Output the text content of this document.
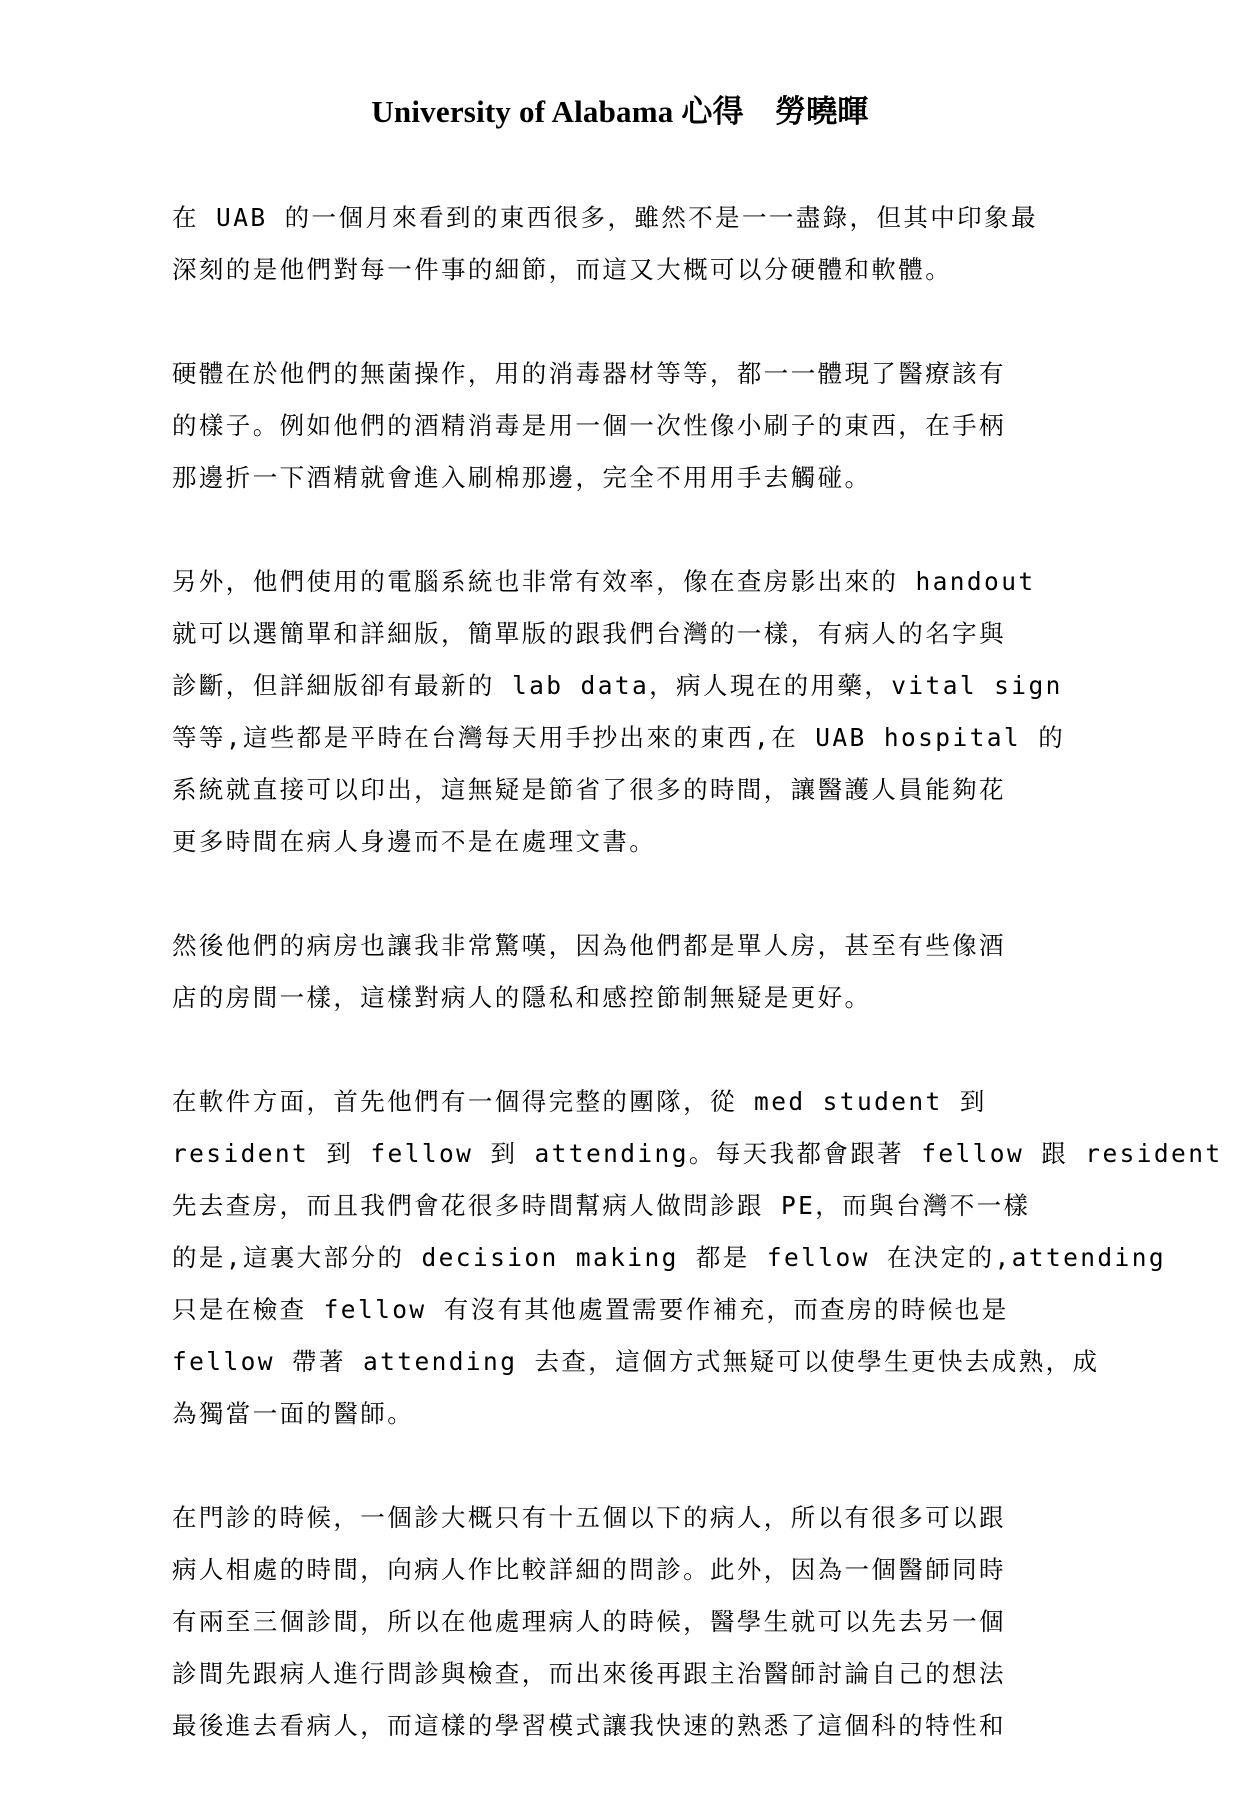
University of Alabama 心得　勞曉暉
在 UAB 的一個月來看到的東西很多，雖然不是一一盡錄，但其中印象最
深刻的是他們對每一件事的細節，而這又大概可以分硬體和軟體。
硬體在於他們的無菌操作，用的消毒器材等等，都一一體現了醫療該有
的樣子。例如他們的酒精消毒是用一個一次性像小刷子的東西，在手柄
那邊折一下酒精就會進入刷棉那邊，完全不用用手去觸碰。
另外，他們使用的電腦系統也非常有效率，像在查房影出來的 handout
就可以選簡單和詳細版，簡單版的跟我們台灣的一樣，有病人的名字與
診斷，但詳細版卻有最新的 lab data，病人現在的用藥，vital sign
等等,這些都是平時在台灣每天用手抄出來的東西,在 UAB hospital 的
系統就直接可以印出，這無疑是節省了很多的時間，讓醫護人員能夠花
更多時間在病人身邊而不是在處理文書。
然後他們的病房也讓我非常驚嘆，因為他們都是單人房，甚至有些像酒
店的房間一樣，這樣對病人的隱私和感控節制無疑是更好。
在軟件方面，首先他們有一個得完整的團隊，從 med student 到
resident 到 fellow 到 attending。每天我都會跟著 fellow 跟 resident
先去查房，而且我們會花很多時間幫病人做問診跟 PE，而與台灣不一樣
的是,這裏大部分的 decision making 都是 fellow 在決定的,attending
只是在檢查 fellow 有沒有其他處置需要作補充，而查房的時候也是
fellow 帶著 attending 去查，這個方式無疑可以使學生更快去成熟，成
為獨當一面的醫師。
在門診的時候，一個診大概只有十五個以下的病人，所以有很多可以跟
病人相處的時間，向病人作比較詳細的問診。此外，因為一個醫師同時
有兩至三個診間，所以在他處理病人的時候，醫學生就可以先去另一個
診間先跟病人進行問診與檢查，而出來後再跟主治醫師討論自己的想法
最後進去看病人，而這樣的學習模式讓我快速的熟悉了這個科的特性和
